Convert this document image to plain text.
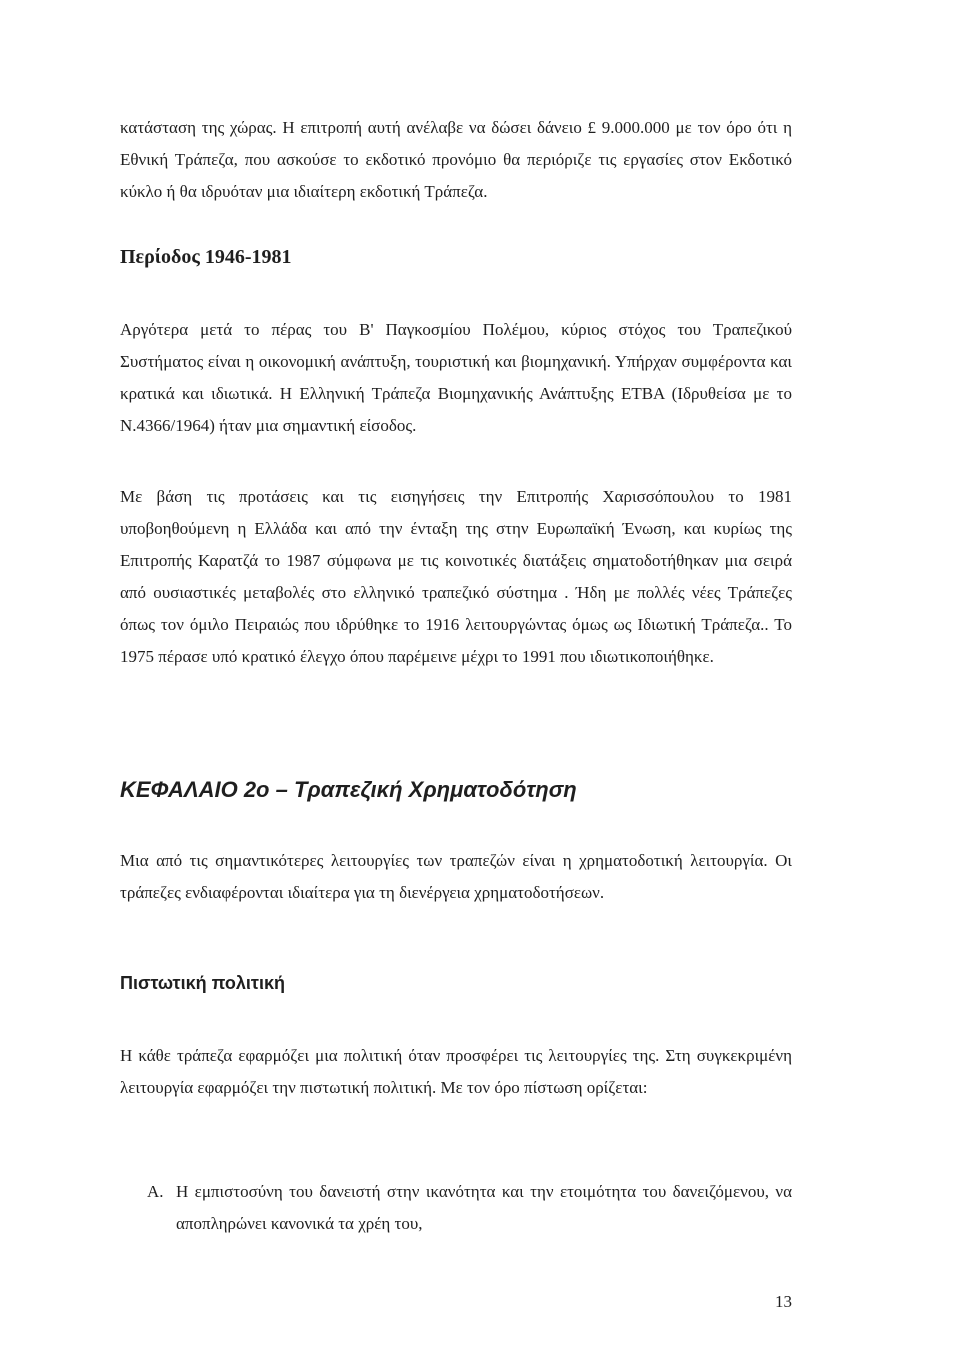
κατάσταση της χώρας. Η επιτροπή αυτή ανέλαβε να δώσει δάνειο £ 9.000.000 με τον όρο ότι η Εθνική Τράπεζα, που ασκούσε το εκδοτικό προνόμιο θα περιόριζε τις εργασίες στον Εκδοτικό κύκλο ή θα ιδρυόταν μια ιδιαίτερη εκδοτική Τράπεζα.

Περίοδος 1946-1981

Αργότερα μετά το πέρας του Β' Παγκοσμίου Πολέμου, κύριος στόχος του Τραπεζικού Συστήματος είναι η οικονομική ανάπτυξη, τουριστική και βιομηχανική. Υπήρχαν συμφέροντα και κρατικά και ιδιωτικά. Η Ελληνική Τράπεζα Βιομηχανικής Ανάπτυξης ΕΤΒΑ (Ιδρυθείσα με το Ν.4366/1964) ήταν μια σημαντική είσοδος.

Με βάση τις προτάσεις και τις εισηγήσεις την Επιτροπής Χαρισσόπουλου το 1981 υποβοηθούμενη η Ελλάδα και από την ένταξη της στην Ευρωπαϊκή Ένωση, και κυρίως της Επιτροπής Καρατζά το 1987 σύμφωνα με τις κοινοτικές διατάξεις σηματοδοτήθηκαν μια σειρά από ουσιαστικές μεταβολές στο ελληνικό τραπεζικό σύστημα . Ήδη με πολλές νέες Τράπεζες όπως τον όμιλο Πειραιώς που ιδρύθηκε το 1916 λειτουργώντας όμως ως Ιδιωτική Τράπεζα.. Το 1975 πέρασε υπό κρατικό έλεγχο όπου παρέμεινε μέχρι το 1991 που ιδιωτικοποιήθηκε.

ΚΕΦΑΛΑΙΟ 2ο – Τραπεζική Χρηματοδότηση

Μια από τις σημαντικότερες λειτουργίες των τραπεζών είναι η χρηματοδοτική λειτουργία. Οι τράπεζες ενδιαφέρονται ιδιαίτερα για τη διενέργεια χρηματοδοτήσεων.

Πιστωτική πολιτική

Η κάθε τράπεζα εφαρμόζει μια πολιτική όταν προσφέρει τις λειτουργίες της. Στη συγκεκριμένη λειτουργία εφαρμόζει την πιστωτική πολιτική. Με τον όρο πίστωση ορίζεται:

Α. Η εμπιστοσύνη του δανειστή στην ικανότητα και την ετοιμότητα του δανειζόμενου, να αποπληρώνει κανονικά τα χρέη του,

13
